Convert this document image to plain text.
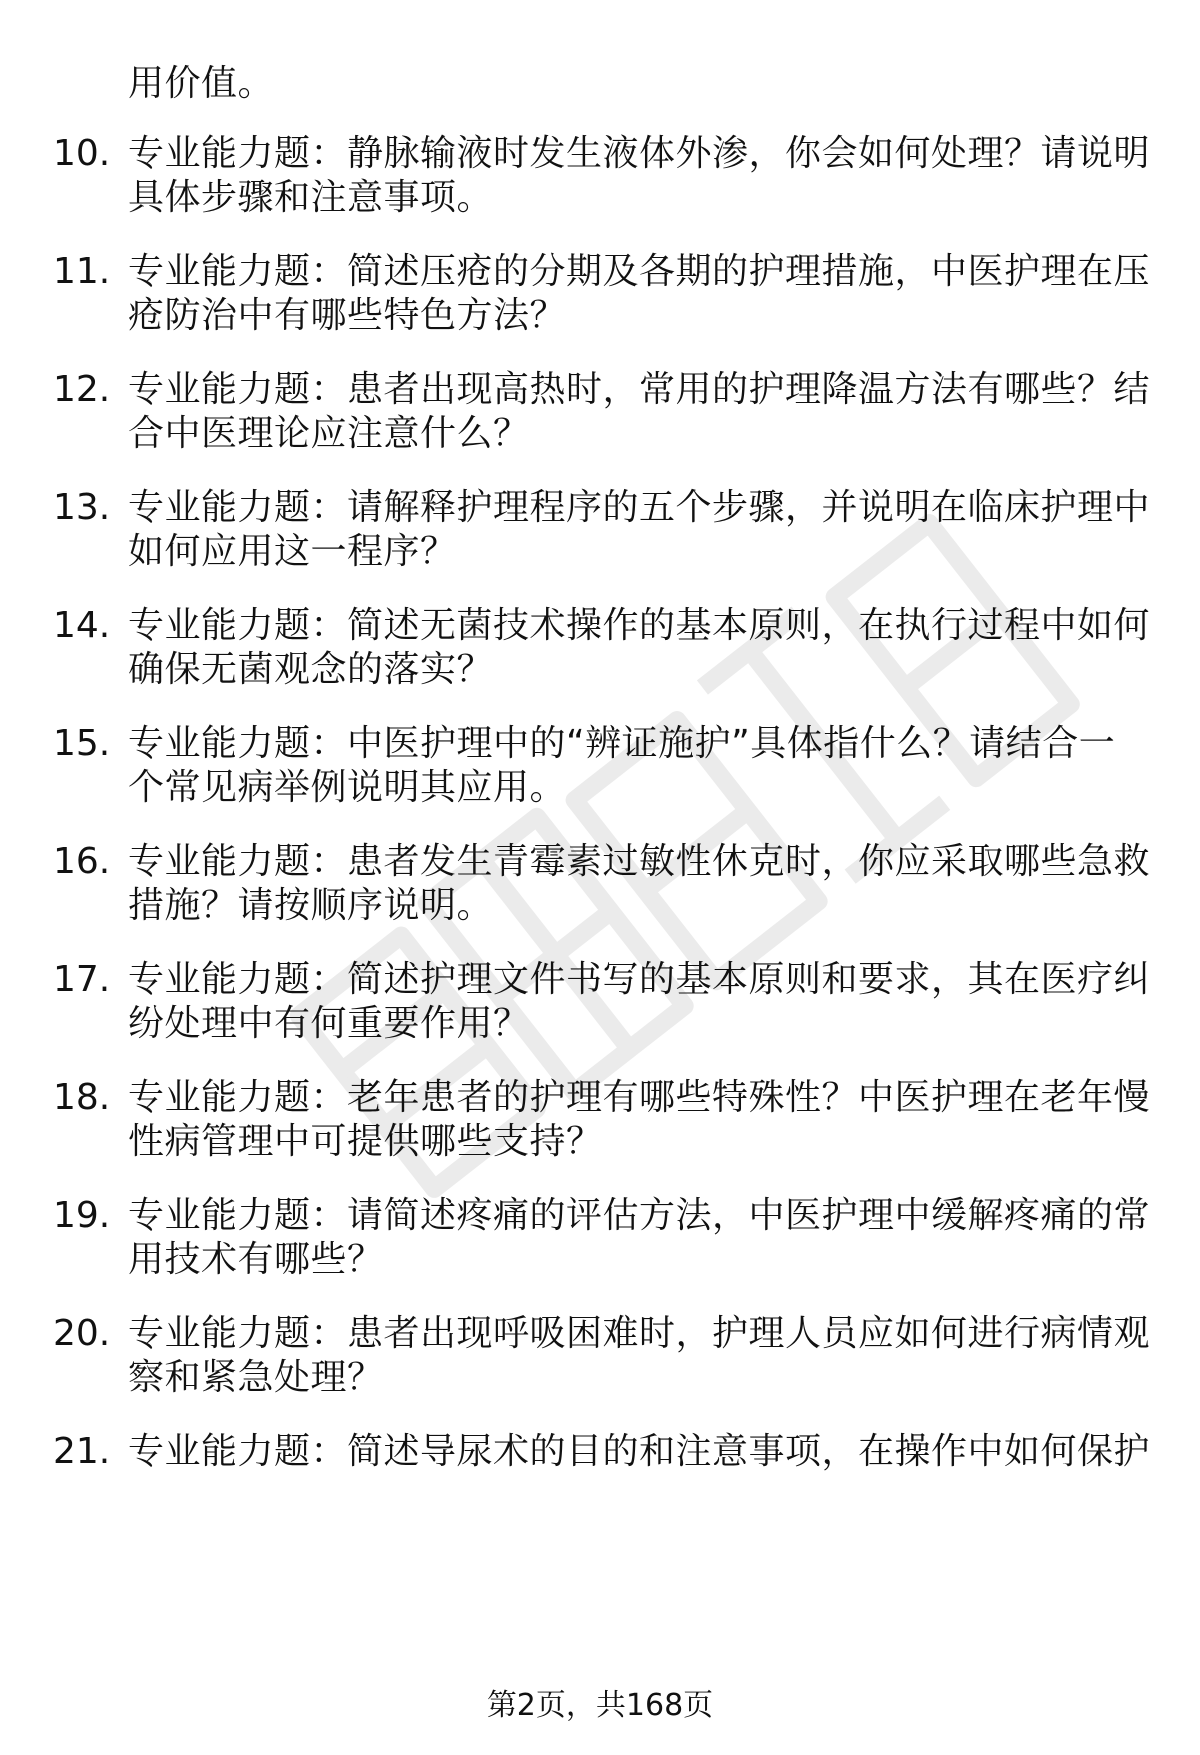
用价值。
10. 专业能力题：静脉输液时发生液体外渗，你会如何处理？请说明
具体步骤和注意事项。
11. 专业能力题：简述压疮的分期及各期的护理措施，中医护理在压
疮防治中有哪些特色方法？
12. 专业能力题：患者出现高热时，常用的护理降温方法有哪些？结
合中医理论应注意什么？
13. 专业能力题：请解释护理程序的五个步骤，并说明在临床护理中
如何应用这一程序？
14. 专业能力题：简述无菌技术操作的基本原则，在执行过程中如何
确保无菌观念的落实？
15. 专业能力题：中医护理中的“辨证施护”具体指什么？请结合一
个常见病举例说明其应用。
16. 专业能力题：患者发生青霉素过敏性休克时，你应采取哪些急救
措施？请按顺序说明。
17. 专业能力题：简述护理文件书写的基本原则和要求，其在医疗纠
纷处理中有何重要作用？
18. 专业能力题：老年患者的护理有哪些特殊性？中医护理在老年慢
性病管理中可提供哪些支持？
19. 专业能力题：请简述疼痛的评估方法，中医护理中缓解疼痛的常
用技术有哪些？
20. 专业能力题：患者出现呼吸困难时，护理人员应如何进行病情观
察和紧急处理？
21. 专业能力题：简述导尿术的目的和注意事项，在操作中如何保护
第2页，共168页
